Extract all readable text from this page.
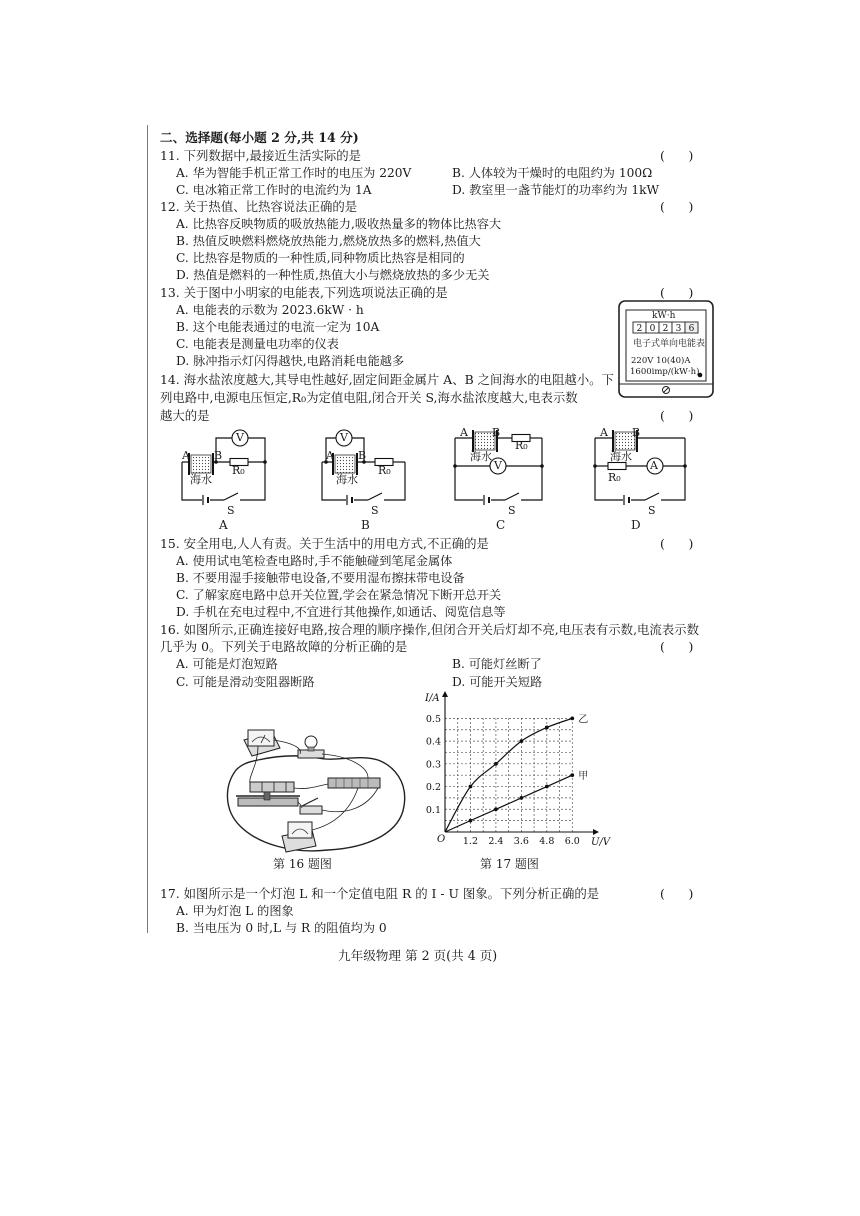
二、选择题(每小题 2 分,共 14 分)
11. 下列数据中,最接近生活实际的是	(      )
A. 华为智能手机正常工作时的电压为 220V	B. 人体较为干燥时的电阻约为 100Ω
C. 电冰箱正常工作时的电流约为 1A	D. 教室里一盏节能灯的功率约为 1kW
12. 关于热值、比热容说法正确的是	(      )
A. 比热容反映物质的吸放热能力,吸收热量多的物体比热容大
B. 热值反映燃料燃烧放热能力,燃烧放热多的燃料,热值大
C. 比热容是物质的一种性质,同种物质比热容是相同的
D. 热值是燃料的一种性质,热值大小与燃烧放热的多少无关
13. 关于图中小明家的电能表,下列选项说法正确的是	(      )
A. 电能表的示数为 2023.6kW · h
B. 这个电能表通过的电流一定为 10A
C. 电能表是测量电功率的仪表
D. 脉冲指示灯闪得越快,电路消耗电能越多
2 0 2 3 6
kW·h
电子式单向电能表
220V 10(40)A
1600imp/(kW·h)
14. 海水盐浓度越大,其导电性越好,固定间距金属片 A、B 之间海水的电阻越小。下
列电路中,电源电压恒定,R₀为定值电阻,闭合开关 S,海水盐浓度越大,电表示数
越大的是	(      )
A B
V
R₀
海水
S
A
A B
V
R₀
海水
S
B
A B
R₀
海水
V
S
C
A B
海水
A
R₀
S
D
15. 安全用电,人人有责。关于生活中的用电方式,不正确的是	(      )
A. 使用试电笔检查电路时,手不能触碰到笔尾金属体
B. 不要用湿手接触带电设备,不要用湿布擦抹带电设备
C. 了解家庭电路中总开关位置,学会在紧急情况下断开总开关
D. 手机在充电过程中,不宜进行其他操作,如通话、阅览信息等
16. 如图所示,正确连接好电路,按合理的顺序操作,但闭合开关后灯却不亮,电压表有示数,电流表示数
几乎为 0。下列关于电路故障的分析正确的是	(      )
A. 可能是灯泡短路	B. 可能灯丝断了
C. 可能是滑动变阻器断路	D. 可能开关短路
第 16 题图
乙
甲
1.2 2.4 3.6 4.8 6.0
0.1
0.2
0.3
0.4
0.5
O	U/V
I/A
第 17 题图
17. 如图所示是一个灯泡 L 和一个定值电阻 R 的 I - U 图象。下列分析正确的是	(      )
A. 甲为灯泡 L 的图象
B. 当电压为 0 时,L 与 R 的阻值均为 0
九年级物理 第 2 页(共 4 页)
